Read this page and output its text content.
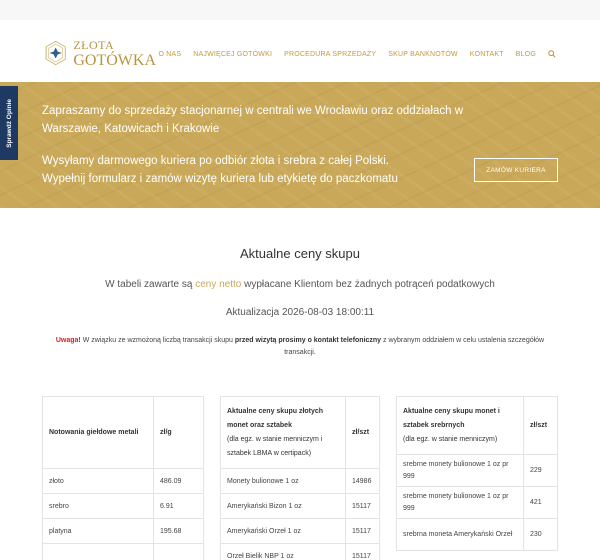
ZŁOTA
GOTÓWKA O NAS NAJWIĘCEJ GOTÓWKI PROCEDURA SPRZEDAŻY SKUP BANKNOTÓW KONTAKT BLOG

Zapraszamy do sprzedaży stacjonarnej w centrali we Wrocławiu oraz oddziałach w Warszawie, Katowicach i Krakowie

Wysyłamy darmowego kuriera po odbiór złota i srebra z całej Polski. Wypełnij formularz i zamów wizytę kuriera lub etykietę do paczkomatu

ZAMÓW KURIERA
Sprawdź Opinie
Aktualne ceny skupu
W tabeli zawarte są ceny netto wypłacane Klientom bez żadnych potrąceń podatkowych
Aktualizacja 2026-08-03 18:00:11
Uwaga! W związku ze wzmożoną liczbą transakcji skupu przed wizytą prosimy o kontakt telefoniczny z wybranym oddziałem w celu ustalenia szczegółów transakcji.
Notowania giełdowe metali	zł/g
złoto	486.09
srebro	6.91
platyna	195.68

Aktualne ceny skupu złotych monet oraz sztabek
(dla egz. w stanie menniczym i sztabek LBMA w certipack)	zł/szt
Monety bulionowe 1 oz	14986
Amerykański Bizon 1 oz	15117
Amerykański Orzeł 1 oz	15117
Orzeł Bielik NBP 1 oz	15117
Aktualne ceny skupu monet i sztabek srebrnych
(dla egz. w stanie menniczym)	zł/szt
srebrne monety bulionowe 1 oz pr 999	229
srebrne monety bulionowe 1 oz pr 999	421
srebrna moneta Amerykański Orzeł	230
